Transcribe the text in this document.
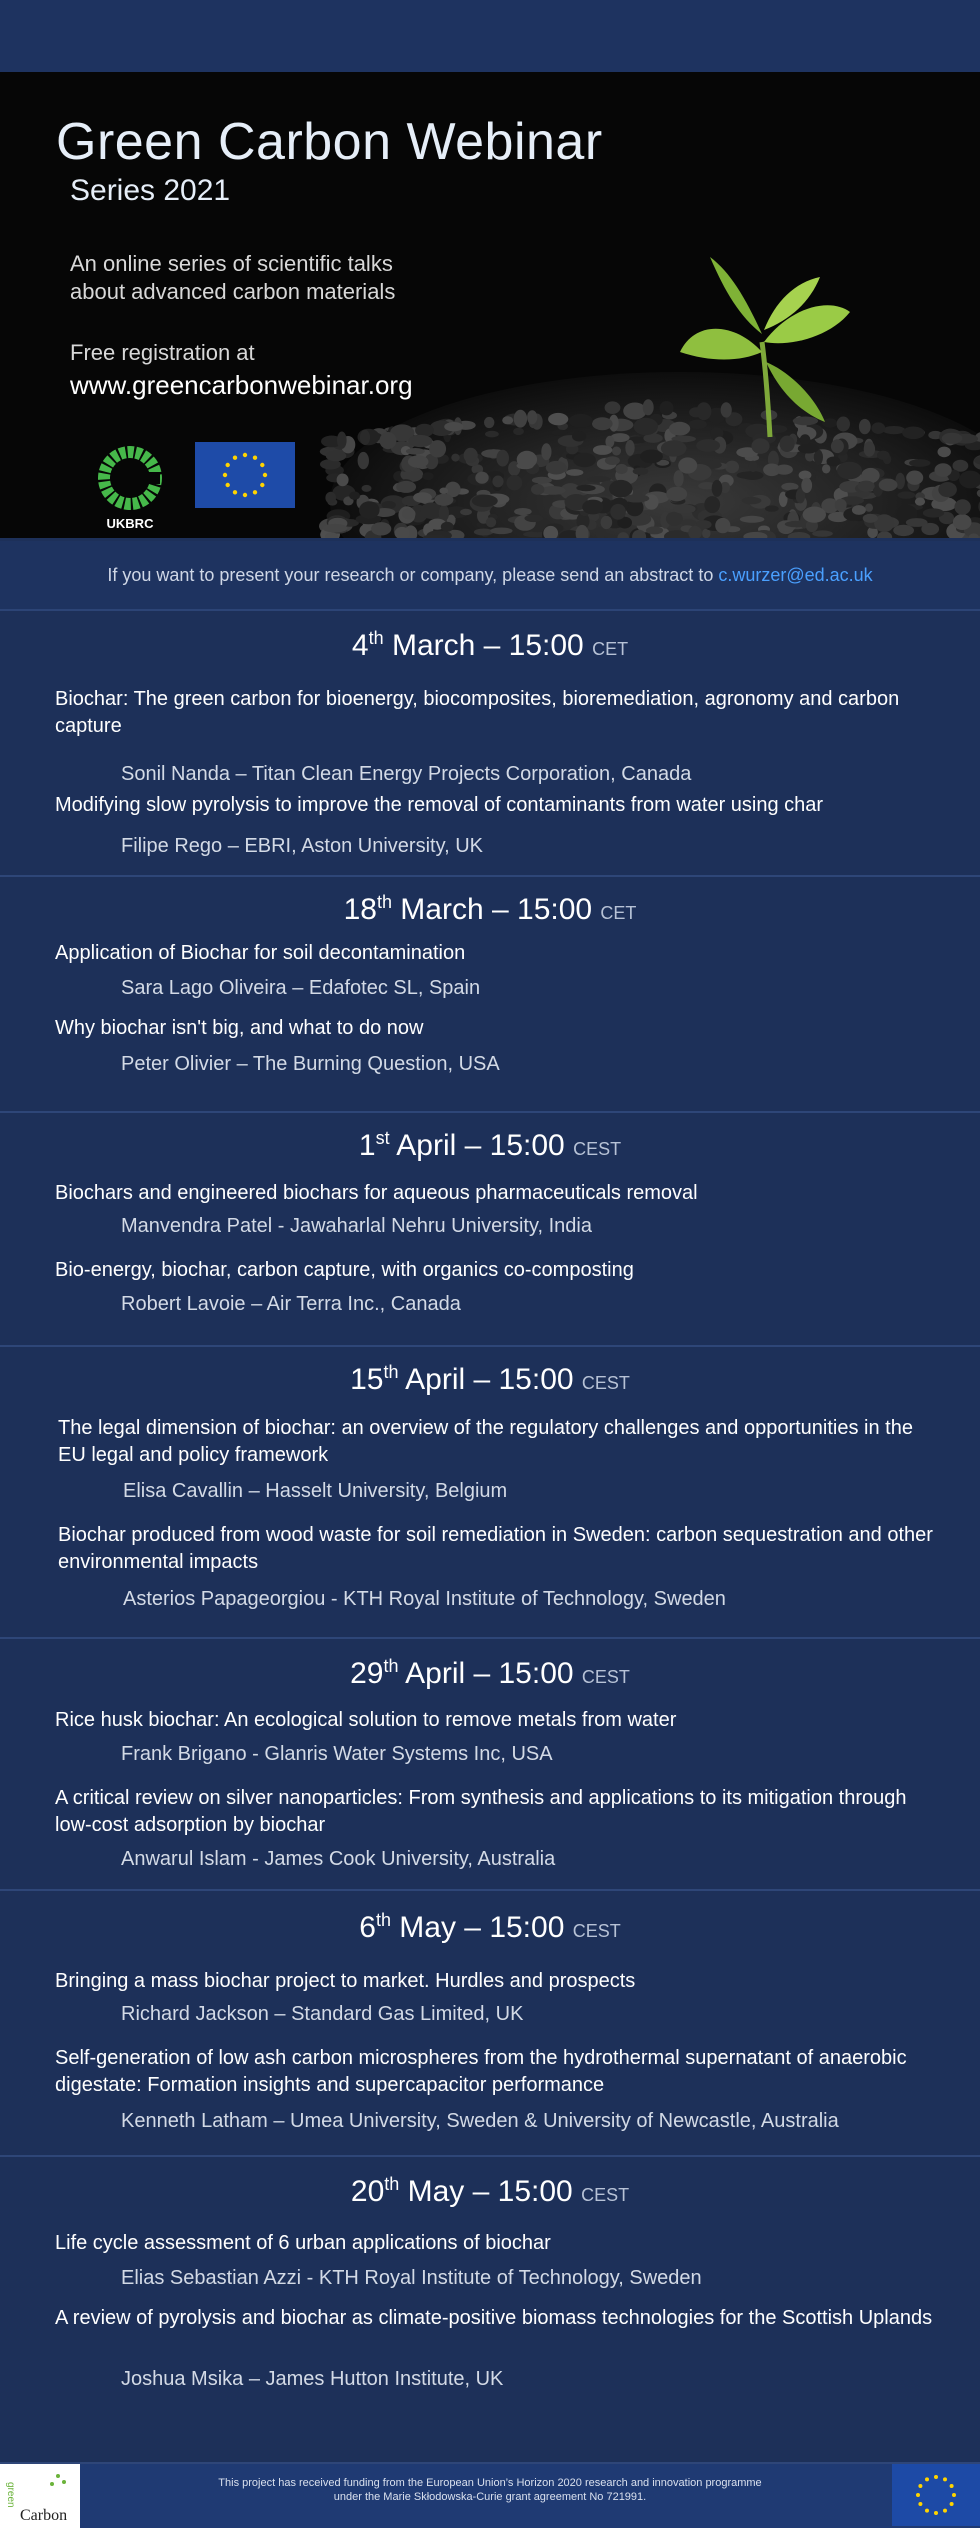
Green Carbon Webinar
Series 2021
An online series of scientific talks
about advanced carbon materials
Free registration at
www.greencarbonwebinar.org
UKBRC
If you want to present your research or company, please send an abstract to c.wurzer@ed.ac.uk
green
Carbon
This project has received funding from the European Union’s Horizon 2020 research and innovation programme
under the Marie Skłodowska-Curie grant agreement No 721991.
4th March – 15:00 CET
Biochar: The green carbon for bioenergy, biocomposites, bioremediation, agronomy and carbon capture
Sonil Nanda – Titan Clean Energy Projects Corporation, Canada
Modifying slow pyrolysis to improve the removal of contaminants from water using char
Filipe Rego – EBRI, Aston University, UK
18th March – 15:00 CET
Application of Biochar for soil decontamination
Sara Lago Oliveira – Edafotec SL, Spain
Why biochar isn't big, and what to do now
Peter Olivier – The Burning Question, USA
1st April – 15:00 CEST
Biochars and engineered biochars for aqueous pharmaceuticals removal
Manvendra Patel - Jawaharlal Nehru University, India
Bio-energy, biochar, carbon capture, with organics co-composting
Robert Lavoie – Air Terra Inc., Canada
15th April – 15:00 CEST
The legal dimension of biochar: an overview of the regulatory challenges and opportunities in the EU legal and policy framework
Elisa Cavallin – Hasselt University, Belgium
Biochar produced from wood waste for soil remediation in Sweden: carbon sequestration and other environmental impacts
Asterios Papageorgiou - KTH Royal Institute of Technology, Sweden
29th April – 15:00 CEST
Rice husk biochar: An ecological solution to remove metals from water
Frank Brigano - Glanris Water Systems Inc, USA
A critical review on silver nanoparticles: From synthesis and applications to its mitigation through low-cost adsorption by biochar
Anwarul Islam - James Cook University, Australia
6th May – 15:00 CEST
Bringing a mass biochar project to market. Hurdles and prospects
Richard Jackson – Standard Gas Limited, UK
Self-generation of low ash carbon microspheres from the hydrothermal supernatant of anaerobic digestate: Formation insights and supercapacitor performance
Kenneth Latham – Umea University, Sweden & University of Newcastle, Australia
20th May – 15:00 CEST
Life cycle assessment of 6 urban applications of biochar
Elias Sebastian Azzi - KTH Royal Institute of Technology, Sweden
A review of pyrolysis and biochar as climate-positive biomass technologies for the Scottish Uplands
Joshua Msika – James Hutton Institute, UK
